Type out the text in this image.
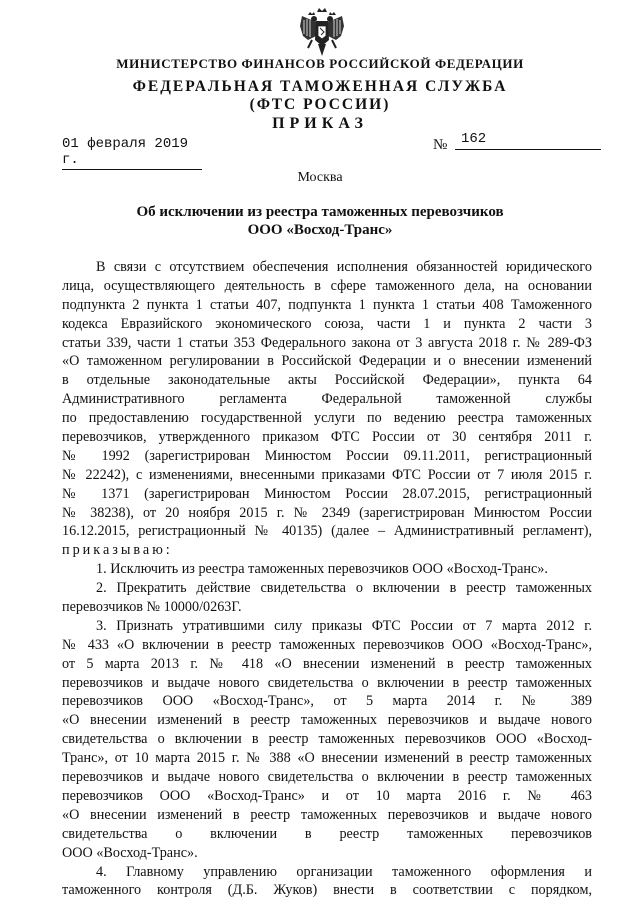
МИНИСТЕРСТВО ФИНАНСОВ РОССИЙСКОЙ ФЕДЕРАЦИИ
ФЕДЕРАЛЬНАЯ ТАМОЖЕННАЯ СЛУЖБА
(ФТС РОССИИ)
ПРИКАЗ
01 февраля 2019 г.
№ 162
Москва
Об исключении из реестра таможенных перевозчиков
ООО «Восход-Транс»
В связи с отсутствием обеспечения исполнения обязанностей юридического
лица, осуществляющего деятельность в сфере таможенного дела, на основании
подпункта 2 пункта 1 статьи 407, подпункта 1 пункта 1 статьи 408 Таможенного
кодекса Евразийского экономического союза, части 1 и пункта 2 части 3
статьи 339, части 1 статьи 353 Федерального закона от 3 августа 2018 г. № 289-ФЗ
«О таможенном регулировании в Российской Федерации и о внесении изменений
в отдельные законодательные акты Российской Федерации», пункта 64
Административного регламента Федеральной таможенной службы
по предоставлению государственной услуги по ведению реестра таможенных
перевозчиков, утвержденного приказом ФТС России от 30 сентября 2011 г.
№ 1992 (зарегистрирован Минюстом России 09.11.2011, регистрационный
№ 22242), с изменениями, внесенными приказами ФТС России от 7 июля 2015 г.
№ 1371 (зарегистрирован Минюстом России 28.07.2015, регистрационный
№ 38238), от 20 ноября 2015 г. № 2349 (зарегистрирован Минюстом России
16.12.2015, регистрационный № 40135) (далее – Административный регламент),
приказываю:
1. Исключить из реестра таможенных перевозчиков ООО «Восход-Транс».
2. Прекратить действие свидетельства о включении в реестр таможенных
перевозчиков № 10000/0263Г.
3. Признать утратившими силу приказы ФТС России от 7 марта 2012 г.
№ 433 «О включении в реестр таможенных перевозчиков ООО «Восход-Транс»,
от 5 марта 2013 г. № 418 «О внесении изменений в реестр таможенных
перевозчиков и выдаче нового свидетельства о включении в реестр таможенных
перевозчиков ООО «Восход-Транс», от 5 марта 2014 г. № 389
«О внесении изменений в реестр таможенных перевозчиков и выдаче нового
свидетельства о включении в реестр таможенных перевозчиков ООО «Восход-
Транс», от 10 марта 2015 г. № 388 «О внесении изменений в реестр таможенных
перевозчиков и выдаче нового свидетельства о включении в реестр таможенных
перевозчиков ООО «Восход-Транс» и от 10 марта 2016 г. № 463
«О внесении изменений в реестр таможенных перевозчиков и выдаче нового
свидетельства о включении в реестр таможенных перевозчиков
ООО «Восход-Транс».
4. Главному управлению организации таможенного оформления и
таможенного контроля (Д.Б. Жуков) внести в соответствии с порядком,
